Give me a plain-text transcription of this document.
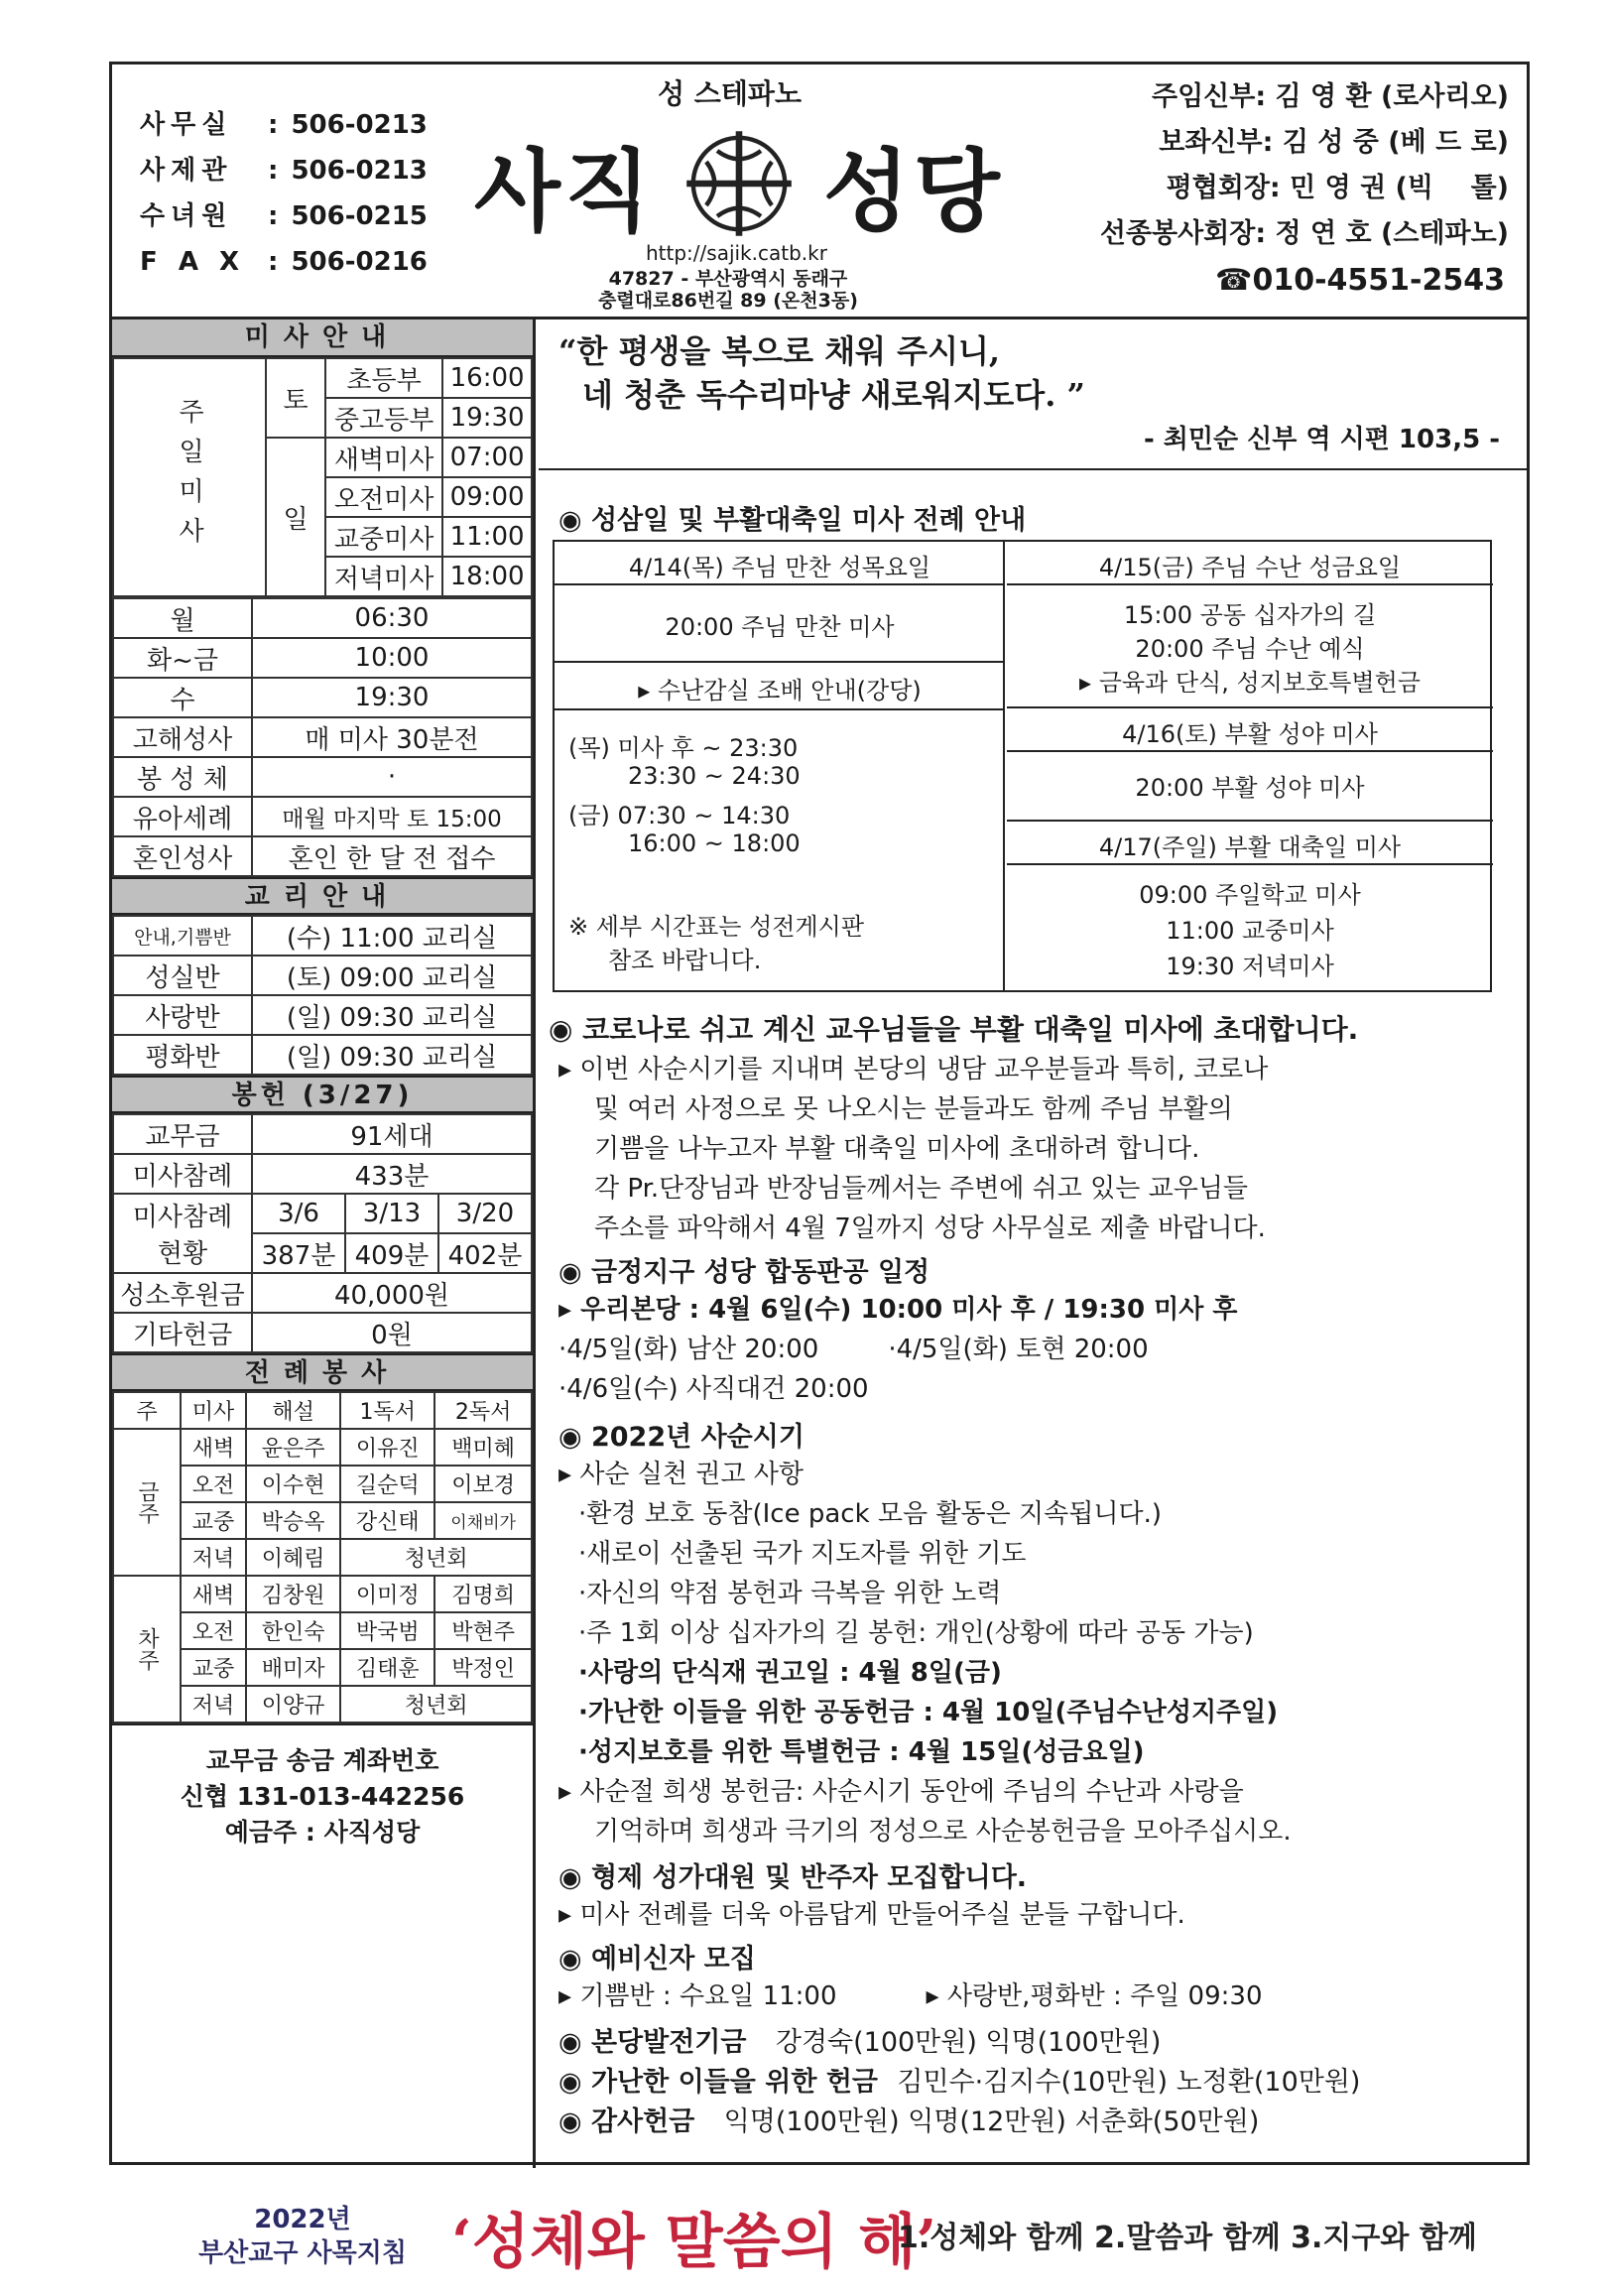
사무실	: 506-0213
사제관	: 506-0213
수녀원	: 506-0215
F A X : 506-0216
성 스테파노
사직 성당
http://sajik.catb.kr
47827 - 부산광역시 동래구
충렬대로86번길 89 (온천3동)
주임신부 : 김 영 환 (로사리오)
보좌신부 : 김 성 중 (베 드 로)
평협회장 : 민 영 권 (빅    톨)
선종봉사회장 : 정 연 호 (스테파노)
☎010-4551-2543
미사안내
주일미사	토	초등부	16:00
		중고등부	19:30
	일	새벽미사	07:00
		오전미사	09:00
		교중미사	11:00
		저녁미사	18:00
월	06:30
화~금	10:00
수	19:30
고해성사	매 미사 30분전
봉 성 체	·
유아세례	매월 마지막 토 15:00
혼인성사	혼인 한 달 전 접수
교리안내
안내,기쁨반	(수) 11:00 교리실
성실반	(토) 09:00 교리실
사랑반	(일) 09:30 교리실
평화반	(일) 09:30 교리실
봉헌 (3/27)
교무금	91세대		
미사참례	433분		

미사참례
현황	3/6	3/13	3/20
	387분	409분	402분
성소후원금	40,000원		
기타헌금	0원		
전례봉사
주	미사	해설	1독서	2독서
금주	새벽	윤은주	이유진	백미혜
	오전	이수현	길순덕	이보경
	교중	박승옥	강신태	이채비가
	저녁	이혜림	청년회	
차주	새벽	김창원	이미정	김명희
	오전	한인숙	박국범	박현주
	교중	배미자	김태훈	박정인
	저녁	이양규	청년회	
교무금 송금 계좌번호
신협 131-013-442256
예금주 : 사직성당
“한 평생을 복으로 채워 주시니,
네 청춘 독수리마냥 새로워지도다. ”
- 최민순 신부 역 시편 103,5 -
◉ 성삼일 및 부활대축일 미사 전례 안내
4/14(목) 주님 만찬 성목요일
20:00 주님 만찬 미사
▸ 수난감실 조배 안내(강당)
(목) 미사 후 ~ 23:30
23:30 ~ 24:30
(금) 07:30 ~ 14:30
16:00 ~ 18:00
※ 세부 시간표는 성전게시판
참조 바랍니다.
4/15(금) 주님 수난 성금요일
15:00 공동 십자가의 길
20:00 주님 수난 예식
▸ 금육과 단식, 성지보호특별헌금
4/16(토) 부활 성야 미사
20:00 부활 성야 미사
4/17(주일) 부활 대축일 미사
09:00 주일학교 미사
11:00 교중미사
19:30 저녁미사
◉ 코로나로 쉬고 계신 교우님들을 부활 대축일 미사에 초대합니다.
▸ 이번 사순시기를 지내며 본당의 냉담 교우분들과 특히, 코로나
및 여러 사정으로 못 나오시는 분들과도 함께 주님 부활의
기쁨을 나누고자 부활 대축일 미사에 초대하려 합니다.
각 Pr.단장님과 반장님들께서는 주변에 쉬고 있는 교우님들
주소를 파악해서 4월 7일까지 성당 사무실로 제출 바랍니다.
◉ 금정지구 성당 합동판공 일정
▸ 우리본당 : 4월 6일(수) 10:00 미사 후 / 19:30 미사 후
·4/5일(화) 남산 20:00	·4/5일(화) 토현 20:00
·4/6일(수) 사직대건 20:00
◉ 2022년 사순시기
▸ 사순 실천 권고 사항
·환경 보호 동참(Ice pack 모음 활동은 지속됩니다.)
·새로이 선출된 국가 지도자를 위한 기도
·자신의 약점 봉헌과 극복을 위한 노력
·주 1회 이상 십자가의 길 봉헌: 개인(상황에 따라 공동 가능)
·사랑의 단식재 권고일 : 4월 8일(금)
·가난한 이들을 위한 공동헌금 : 4월 10일(주님수난성지주일)
·성지보호를 위한 특별헌금 : 4월 15일(성금요일)
▸ 사순절 희생 봉헌금: 사순시기 동안에 주님의 수난과 사랑을
기억하며 희생과 극기의 정성으로 사순봉헌금을 모아주십시오.
◉ 형제 성가대원 및 반주자 모집합니다.
▸ 미사 전례를 더욱 아름답게 만들어주실 분들 구합니다.
◉ 예비신자 모집
▸ 기쁨반 : 수요일 11:00	▸ 사랑반,평화반 : 주일 09:30
◉ 본당발전기금 강경숙(100만원) 익명(100만원)
◉ 가난한 이들을 위한 헌금 김민수·김지수(10만원) 노정환(10만원)
◉ 감사헌금 익명(100만원) 익명(12만원) 서춘화(50만원)
2022년
부산교구 사목지침 ‘성체와 말씀의 해’
1.성체와 함께 2.말씀과 함께 3.지구와 함께
